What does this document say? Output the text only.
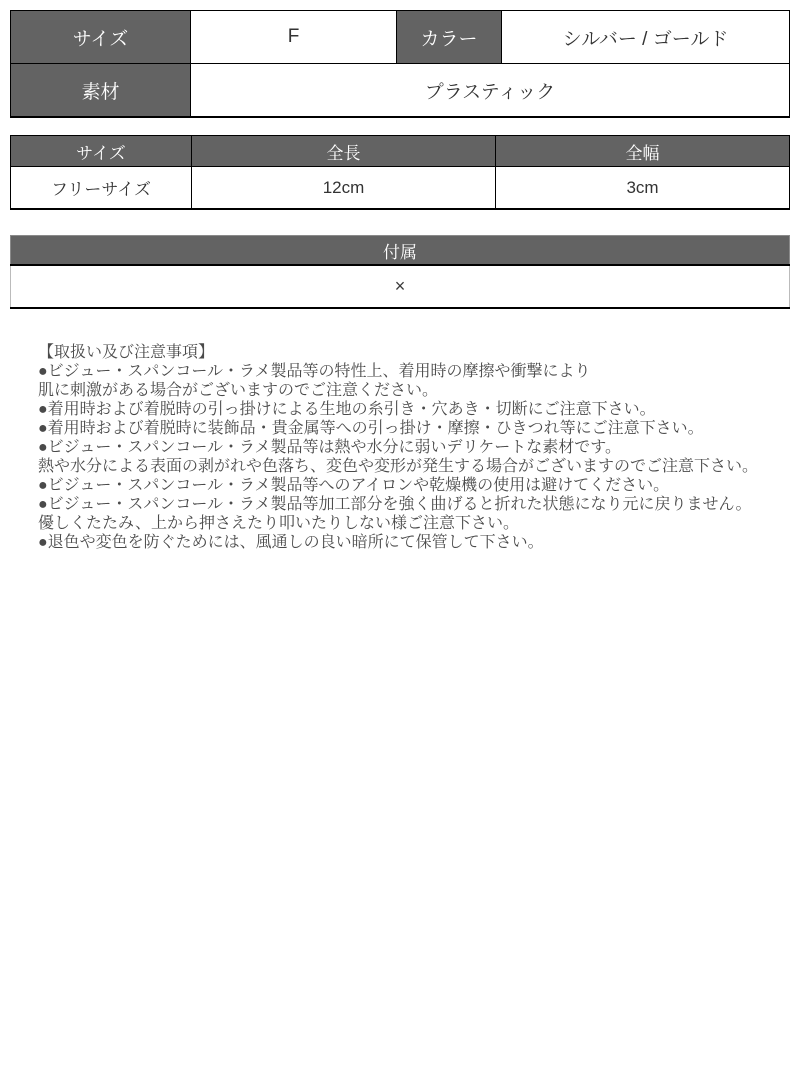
サイズ	F	カラー	シルバー / ゴールド
素材	プラスティック		
サイズ	全長	全幅
フリーサイズ	12cm	3cm
付属
×
【取扱い及び注意事項】
●ビジュー・スパンコール・ラメ製品等の特性上、着用時の摩擦や衝撃により
肌に刺激がある場合がございますのでご注意ください。
●着用時および着脱時の引っ掛けによる生地の糸引き・穴あき・切断にご注意下さい。
●着用時および着脱時に装飾品・貴金属等への引っ掛け・摩擦・ひきつれ等にご注意下さい。
●ビジュー・スパンコール・ラメ製品等は熱や水分に弱いデリケートな素材です。
熱や水分による表面の剥がれや色落ち、変色や変形が発生する場合がございますのでご注意下さい。
●ビジュー・スパンコール・ラメ製品等へのアイロンや乾燥機の使用は避けてください。
●ビジュー・スパンコール・ラメ製品等加工部分を強く曲げると折れた状態になり元に戻りません。
優しくたたみ、上から押さえたり叩いたりしない様ご注意下さい。
●退色や変色を防ぐためには、風通しの良い暗所にて保管して下さい。
